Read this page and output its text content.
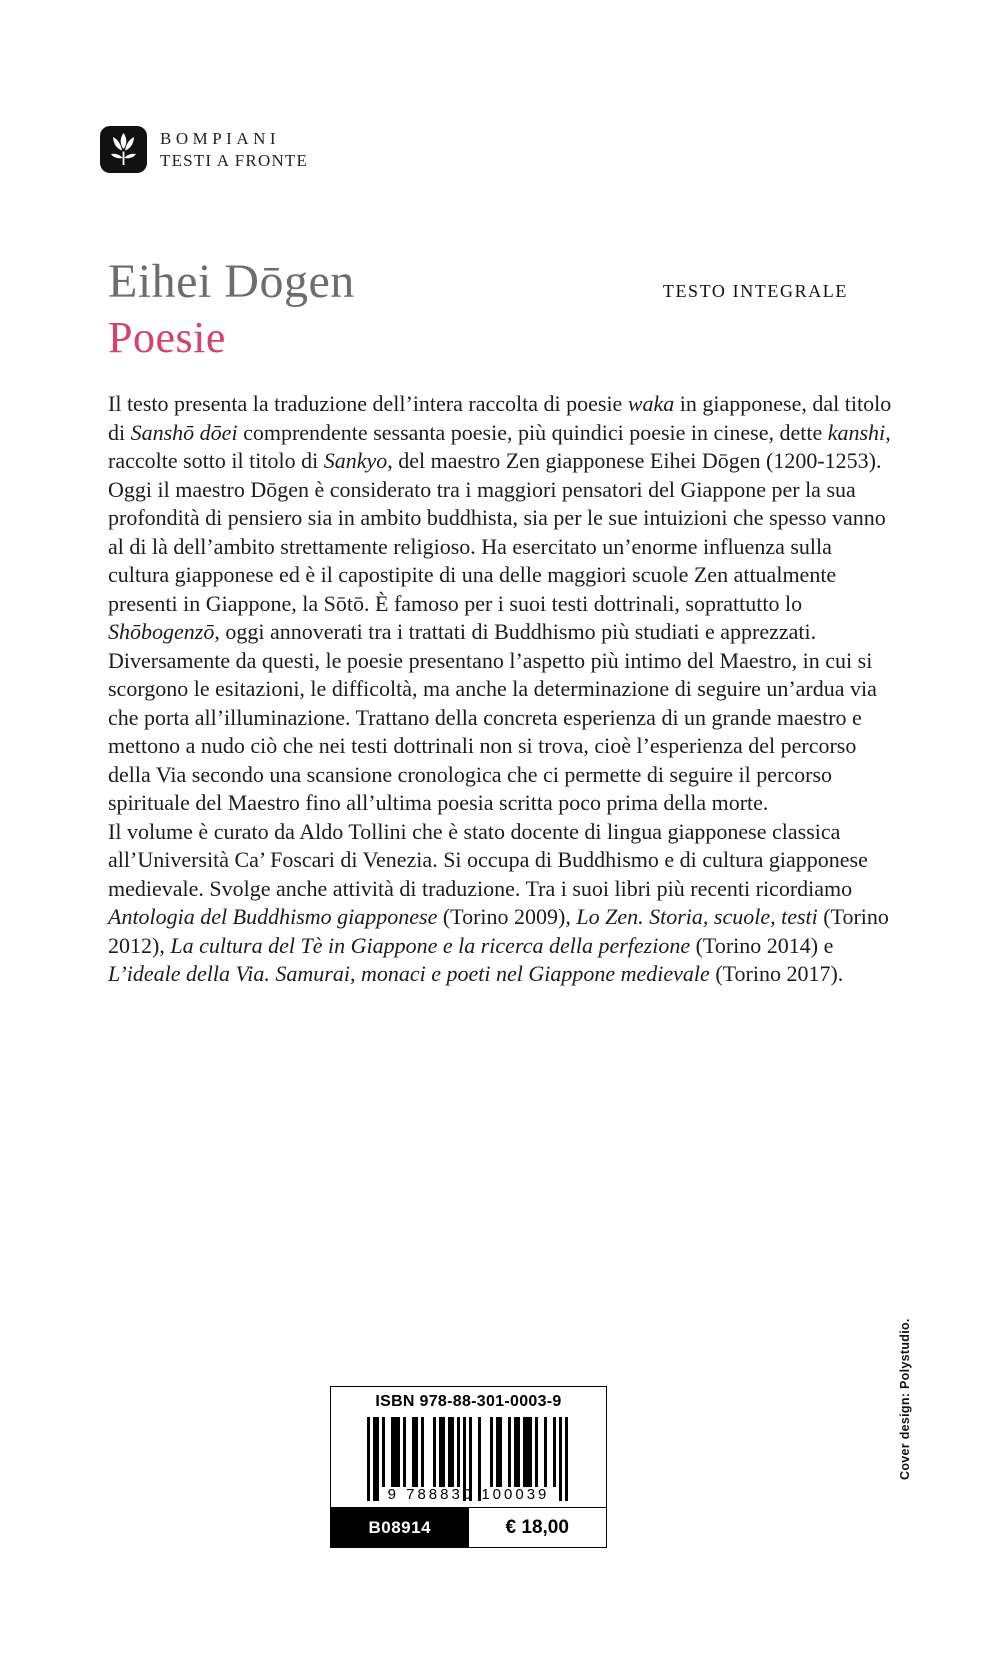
BOMPIANI
TESTI A FRONTE
Eihei Dōgen	TESTO INTEGRALE
Poesie

Il testo presenta la traduzione dell’intera raccolta di poesie waka in giapponese, dal titolo di Sanshō dōei comprendente sessanta poesie, più quindici poesie in cinese, dette kanshi, raccolte sotto il titolo di Sankyo, del maestro Zen giapponese Eihei Dōgen (1200-1253).

Oggi il maestro Dōgen è considerato tra i maggiori pensatori del Giappone per la sua profondità di pensiero sia in ambito buddhista, sia per le sue intuizioni che spesso vanno al di là dell’ambito strettamente religioso. Ha esercitato un’enorme influenza sulla cultura giapponese ed è il capostipite di una delle maggiori scuole Zen attualmente presenti in Giappone, la Sōtō. È famoso per i suoi testi dottrinali, soprattutto lo Shōbogenzō, oggi annoverati tra i trattati di Buddhismo più studiati e apprezzati.

Diversamente da questi, le poesie presentano l’aspetto più intimo del Maestro, in cui si scorgono le esitazioni, le difficoltà, ma anche la determinazione di seguire un’ardua via che porta all’illuminazione. Trattano della concreta esperienza di un grande maestro e mettono a nudo ciò che nei testi dottrinali non si trova, cioè l’esperienza del percorso della Via secondo una scansione cronologica che ci permette di seguire il percorso spirituale del Maestro fino all’ultima poesia scritta poco prima della morte.

Il volume è curato da Aldo Tollini che è stato docente di lingua giapponese classica all’Università Ca’ Foscari di Venezia. Si occupa di Buddhismo e di cultura giapponese medievale. Svolge anche attività di traduzione. Tra i suoi libri più recenti ricordiamo Antologia del Buddhismo giapponese (Torino 2009), Lo Zen. Storia, scuole, testi (Torino 2012), La cultura del Tè in Giappone e la ricerca della perfezione (Torino 2014) e L’ideale della Via. Samurai, monaci e poeti nel Giappone medievale (Torino 2017).

ISBN 978-88-301-0003-9
9 788830 100039
B08914	€ 18,00
Cover design: Polystudio.
